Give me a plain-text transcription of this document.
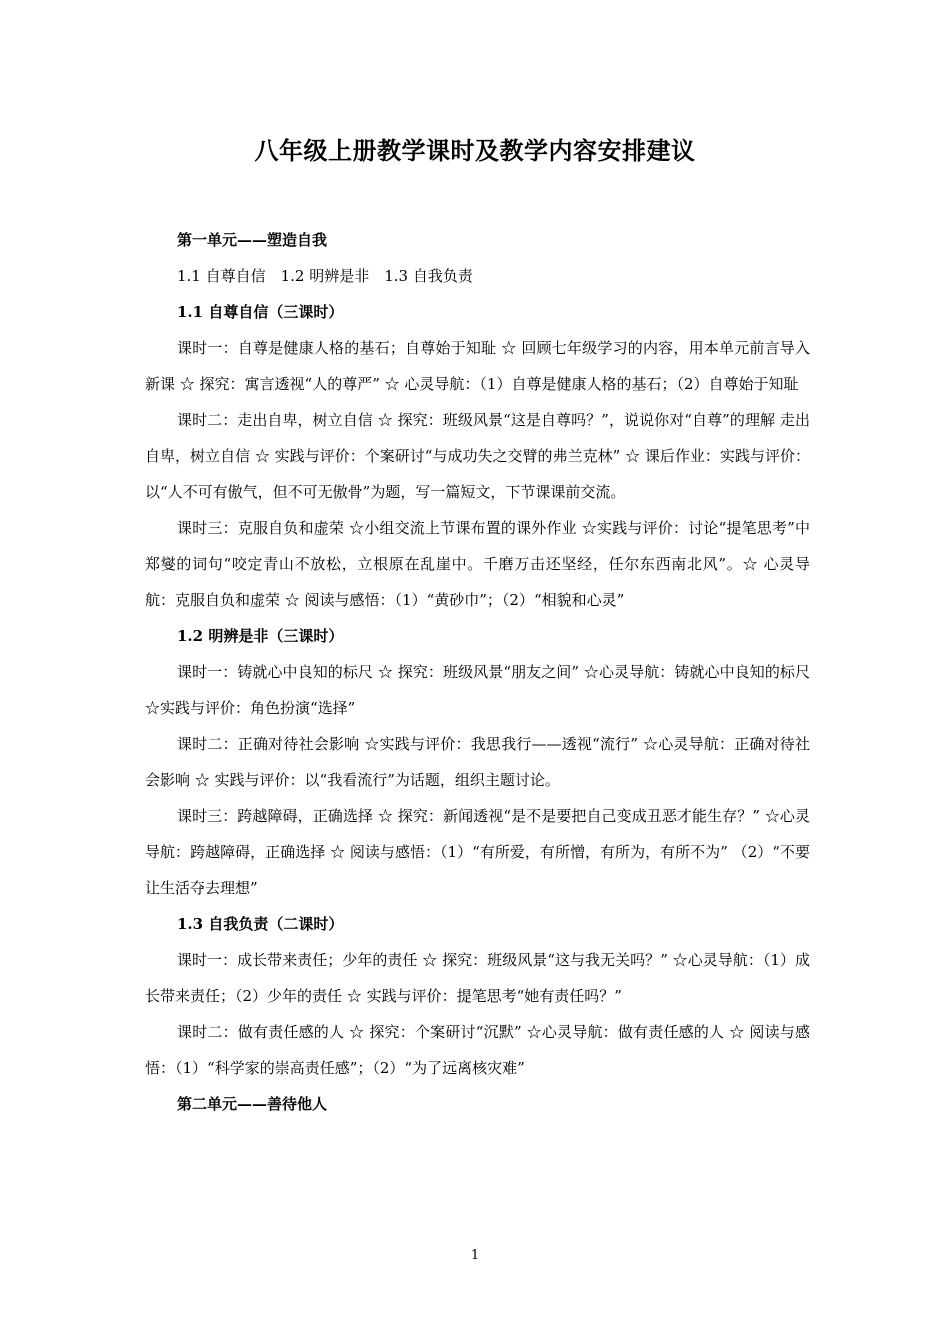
八年级上册教学课时及教学内容安排建议

第一单元——塑造自我

1.1 自尊自信　1.2 明辨是非　1.3 自我负责

1.1 自尊自信（三课时）

课时一：自尊是健康人格的基石；自尊始于知耻 ☆ 回顾七年级学习的内容，用本单元前言导入新课 ☆ 探究：寓言透视“人的尊严” ☆ 心灵导航：（1）自尊是健康人格的基石；（2）自尊始于知耻

课时二：走出自卑，树立自信 ☆ 探究：班级风景“这是自尊吗？”，说说你对“自尊”的理解 走出自卑，树立自信 ☆ 实践与评价：个案研讨“与成功失之交臂的弗兰克林” ☆ 课后作业：实践与评价：以“人不可有傲气，但不可无傲骨”为题，写一篇短文，下节课课前交流。

课时三：克服自负和虚荣 ☆小组交流上节课布置的课外作业 ☆实践与评价：讨论“提笔思考”中郑燮的词句“咬定青山不放松，立根原在乱崖中。千磨万击还坚经，任尔东西南北风”。☆ 心灵导航：克服自负和虚荣 ☆ 阅读与感悟：（1）“黄砂巾”；（2）“相貌和心灵”

1.2 明辨是非（三课时）

课时一：铸就心中良知的标尺 ☆ 探究：班级风景“朋友之间” ☆心灵导航：铸就心中良知的标尺 ☆实践与评价：角色扮演“选择”

课时二：正确对待社会影响 ☆实践与评价：我思我行——透视“流行” ☆心灵导航：正确对待社会影响 ☆ 实践与评价：以“我看流行”为话题，组织主题讨论。

课时三：跨越障碍，正确选择 ☆ 探究：新闻透视“是不是要把自己变成丑恶才能生存？” ☆心灵导航：跨越障碍，正确选择 ☆ 阅读与感悟：（1）“有所爱，有所憎，有所为，有所不为” （2）“不要让生活夺去理想”

1.3 自我负责（二课时）

课时一：成长带来责任；少年的责任 ☆ 探究：班级风景“这与我无关吗？” ☆心灵导航：（1）成长带来责任；（2）少年的责任 ☆ 实践与评价：提笔思考“她有责任吗？”

课时二：做有责任感的人 ☆ 探究：个案研讨“沉默” ☆心灵导航：做有责任感的人 ☆ 阅读与感悟：（1）“科学家的崇高责任感”；（2）“为了远离核灾难”

第二单元——善待他人

1
